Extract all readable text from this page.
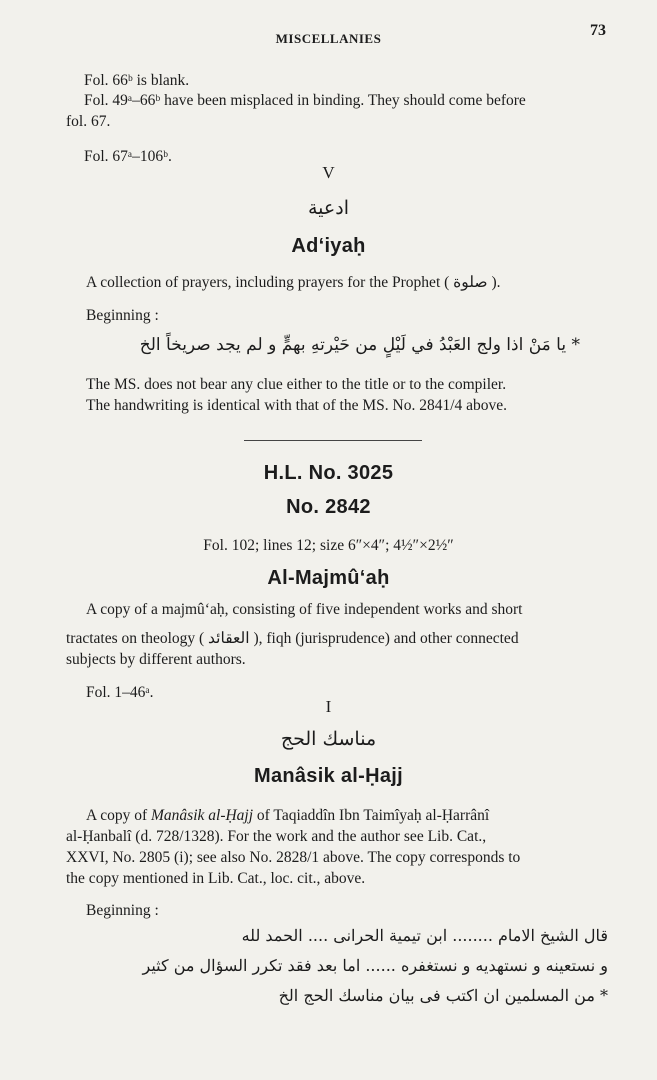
MISCELLANIES	73
Fol. 66ᵇ is blank.
Fol. 49ᵃ–66ᵇ have been misplaced in binding. They should come before
fol. 67.
Fol. 67ᵃ–106ᵇ.
V
ادعية
Ad‘iyaḥ
A collection of prayers, including prayers for the Prophet ( صلوة ).
Beginning :
* يا مَنْ اذا ولج العَبْدُ في لَيْلٍ من حَيْرتهِ بهمٍّ و لم يجد صريخاً الخ
The MS. does not bear any clue either to the title or to the compiler.
The handwriting is identical with that of the MS. No. 2841/4 above.
H.L. No. 3025
No. 2842
Fol. 102; lines 12; size 6″×4″; 4½″×2½″
Al-Majmû‘aḥ
A copy of a majmû‘aḥ, consisting of five independent works and short
tractates on theology ( العقائد ), fiqh (jurisprudence) and other connected
subjects by different authors.
Fol. 1–46ᵃ.
I
مناسك الحج
Manâsik al-Ḥajj
A copy of Manâsik al-Ḥajj of Taqiaddîn Ibn Taimîyaḥ al-Ḥarrânî
al-Ḥanbalî (d. 728/1328). For the work and the author see Lib. Cat.,
XXVI, No. 2805 (i); see also No. 2828/1 above. The copy corresponds to
the copy mentioned in Lib. Cat., loc. cit., above.
Beginning :
قال الشيخ الامام ........ ابن تيمية الحرانی .... الحمد لله
و نستعينه و نستهديه و نستغفره ...... اما بعد فقد تكرر السؤال من كثير
* من المسلمين ان اكتب فی بيان مناسك الحج الخ
